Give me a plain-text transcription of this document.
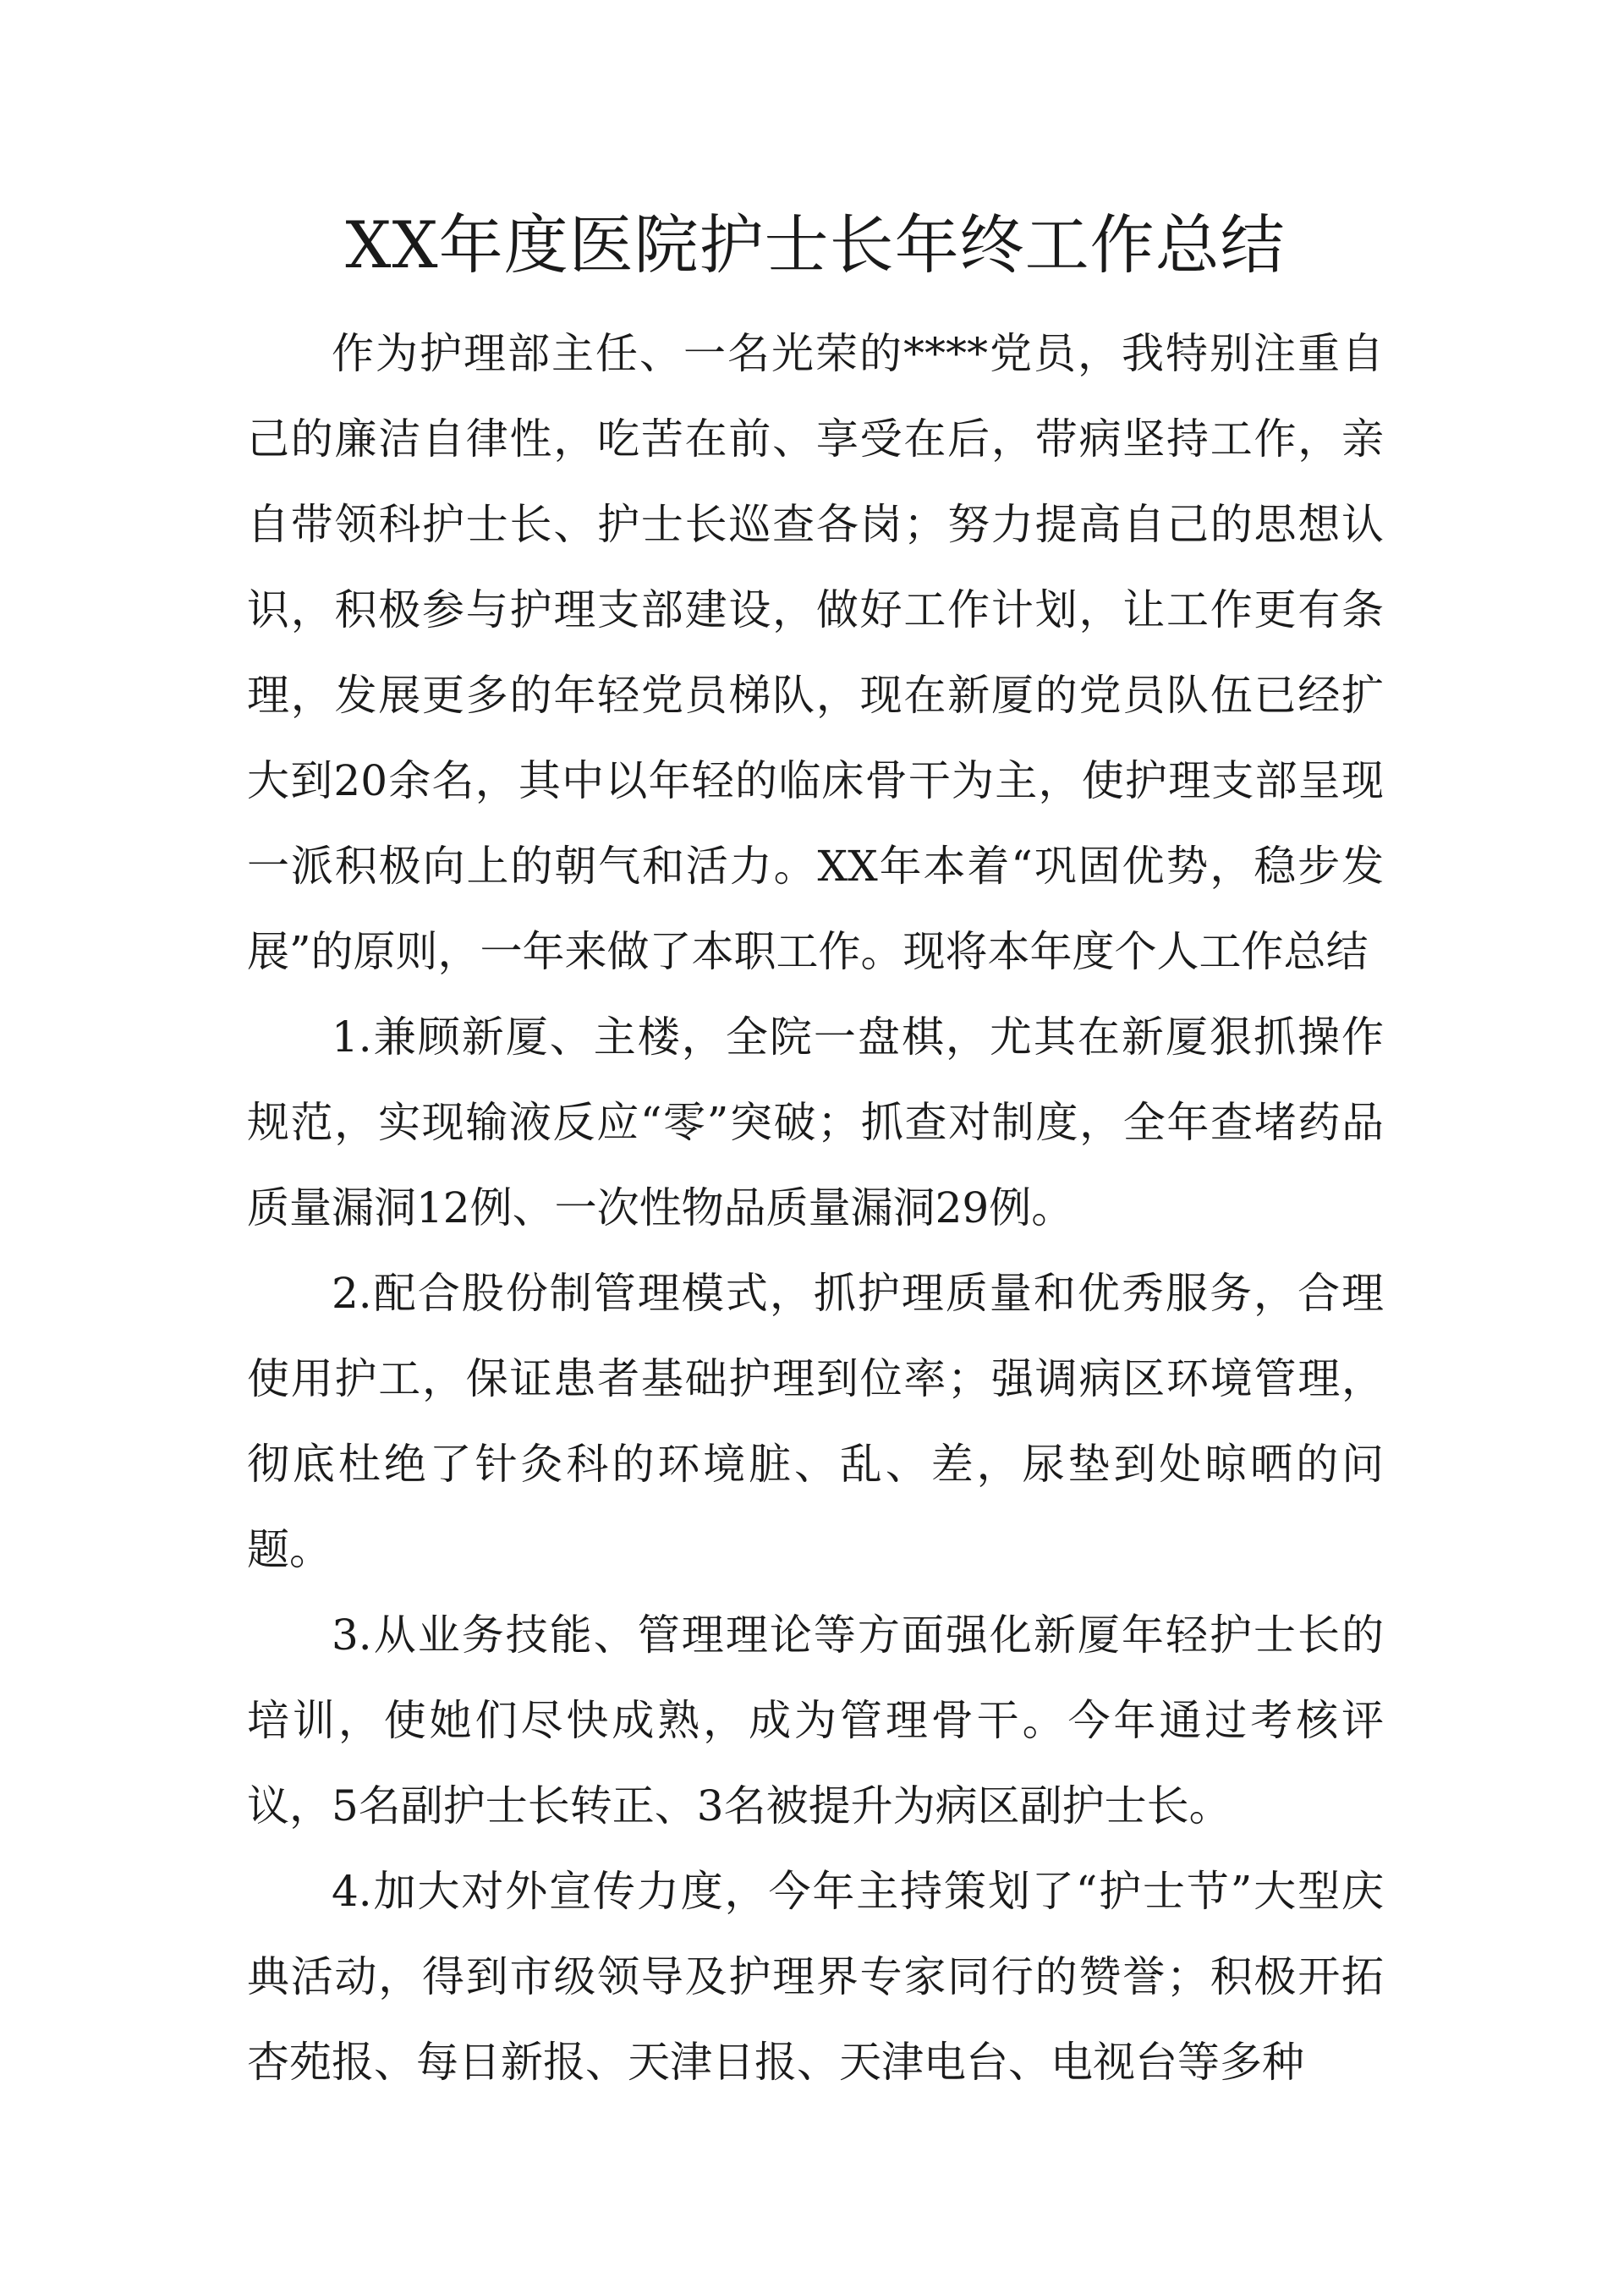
XX年度医院护士长年终工作总结

作为护理部主任、一名光荣的****党员，我特别注重自己的廉洁自律性，吃苦在前、享受在后，带病坚持工作，亲自带领科护士长、护士长巡查各岗；努力提高自己的思想认识，积极参与护理支部建设，做好工作计划，让工作更有条理，发展更多的年轻党员梯队，现在新厦的党员队伍已经扩大到20余名，其中以年轻的临床骨干为主，使护理支部呈现一派积极向上的朝气和活力。XX年本着“巩固优势，稳步发展”的原则，一年来做了本职工作。现将本年度个人工作总结

1.兼顾新厦、主楼，全院一盘棋，尤其在新厦狠抓操作规范，实现输液反应“零”突破；抓查对制度，全年查堵药品质量漏洞12例、一次性物品质量漏洞29例。

2.配合股份制管理模式，抓护理质量和优秀服务，合理使用护工，保证患者基础护理到位率；强调病区环境管理，彻底杜绝了针灸科的环境脏、乱、差，尿垫到处晾晒的问题。

3.从业务技能、管理理论等方面强化新厦年轻护士长的培训，使她们尽快成熟，成为管理骨干。今年通过考核评议，5名副护士长转正、3名被提升为病区副护士长。

4.加大对外宣传力度，今年主持策划了“护士节”大型庆典活动，得到市级领导及护理界专家同行的赞誉；积极开拓杏苑报、每日新报、天津日报、天津电台、电视台等多种
